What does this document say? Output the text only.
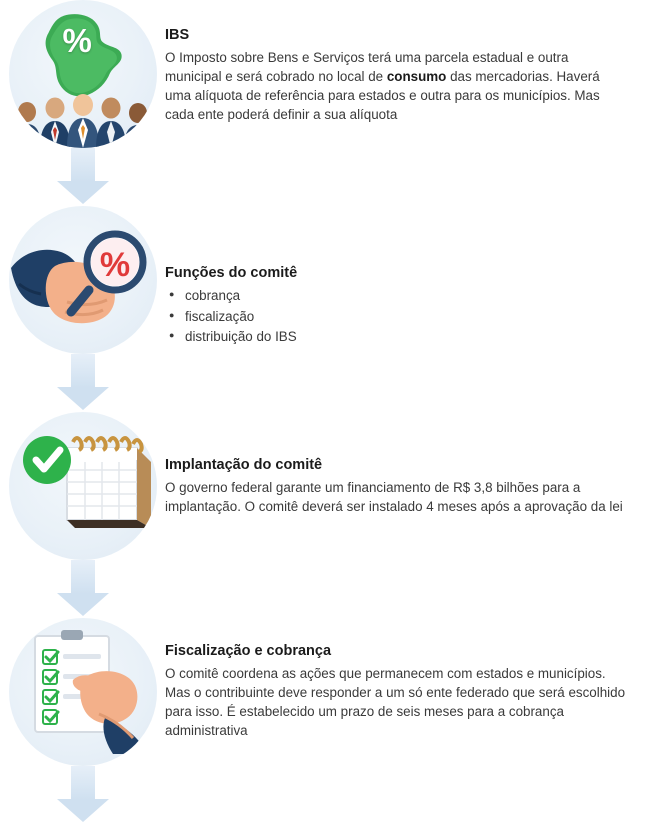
%	IBS

O Imposto sobre Bens e Serviços terá uma parcela estadual e outra municipal e será cobrado no local de consumo das mercadorias. Haverá uma alíquota de referência para estados e outra para os municípios. Mas cada ente poderá definir a sua alíquota

% Funções do comitê

● cobrança
● fiscalização
● distribuição do IBS

Implantação do comitê

O governo federal garante um financiamento de R$ 3,8 bilhões para a implantação. O comitê deverá ser instalado 4 meses após a aprovação da lei

Fiscalização e cobrança

O comitê coordena as ações que permanecem com estados e municípios. Mas o contribuinte deve responder a um só ente federado que será escolhido para isso. É estabelecido um prazo de seis meses para a cobrança administrativa
